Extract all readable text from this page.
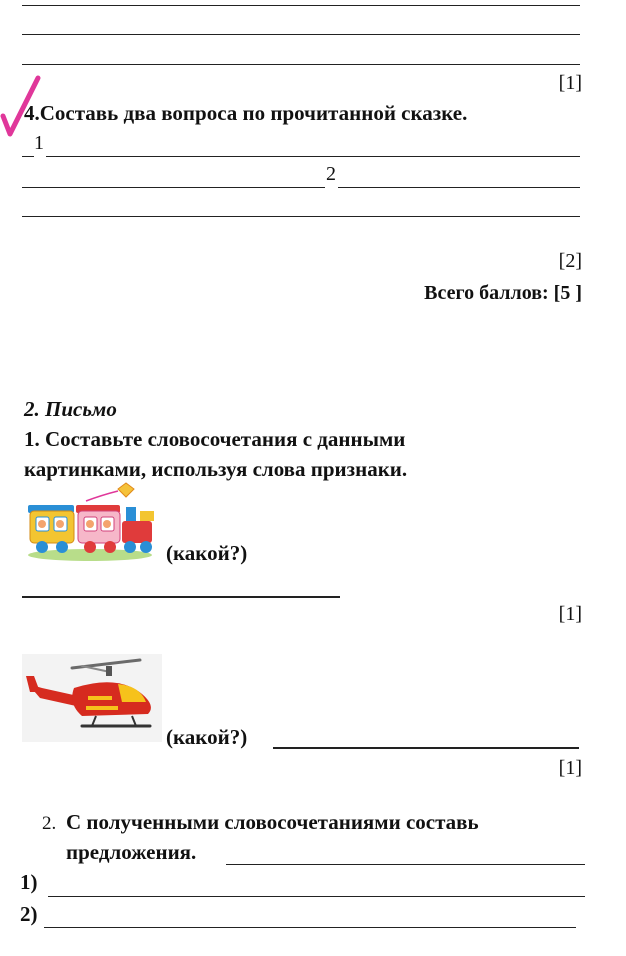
[1]
4.Составь два вопроса по прочитанной сказке.
1
2
[2]
Всего баллов: [5 ]
2. Письмо
1. Составьте словосочетания с данными
картинками, используя слова признаки.
(какой?)
[1]
(какой?)
[1]
2. С полученными словосочетаниями составь
предложения.
1)
2)
